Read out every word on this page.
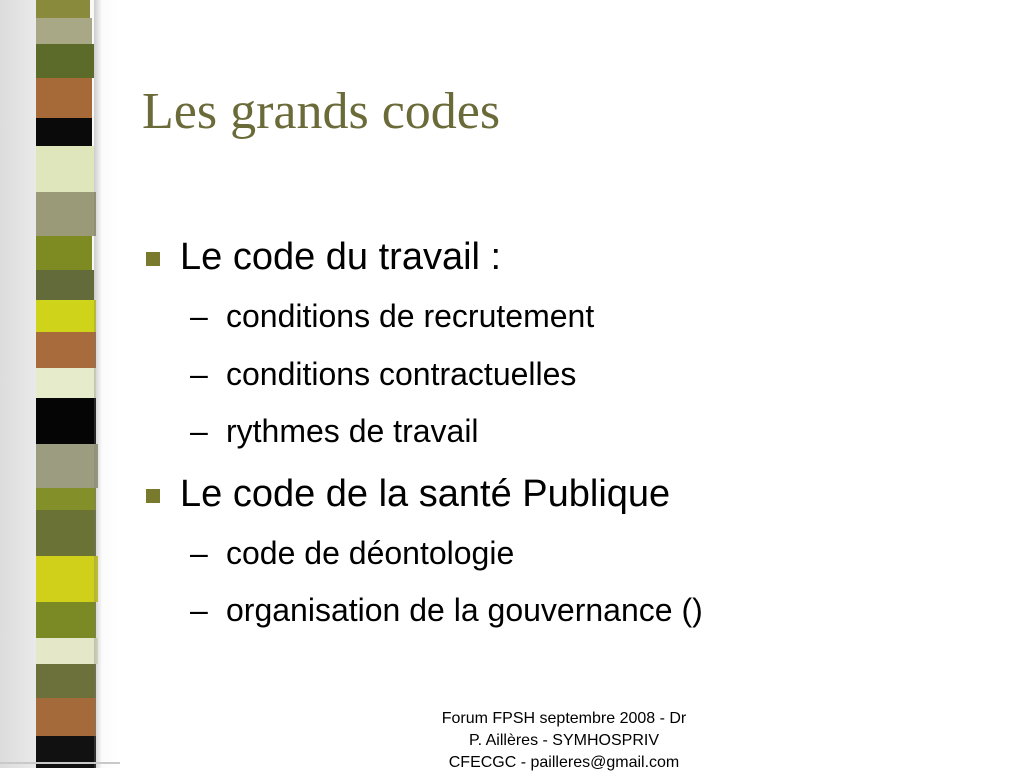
Les grands codes
Le code du travail :
– conditions de recrutement
– conditions contractuelles
– rythmes de travail
Le code de la santé Publique
– code de déontologie
– organisation de la gouvernance ()
Forum FPSH septembre 2008 - Dr
P. Aillères - SYMHOSPRIV
CFECGC - pailleres@gmail.com
